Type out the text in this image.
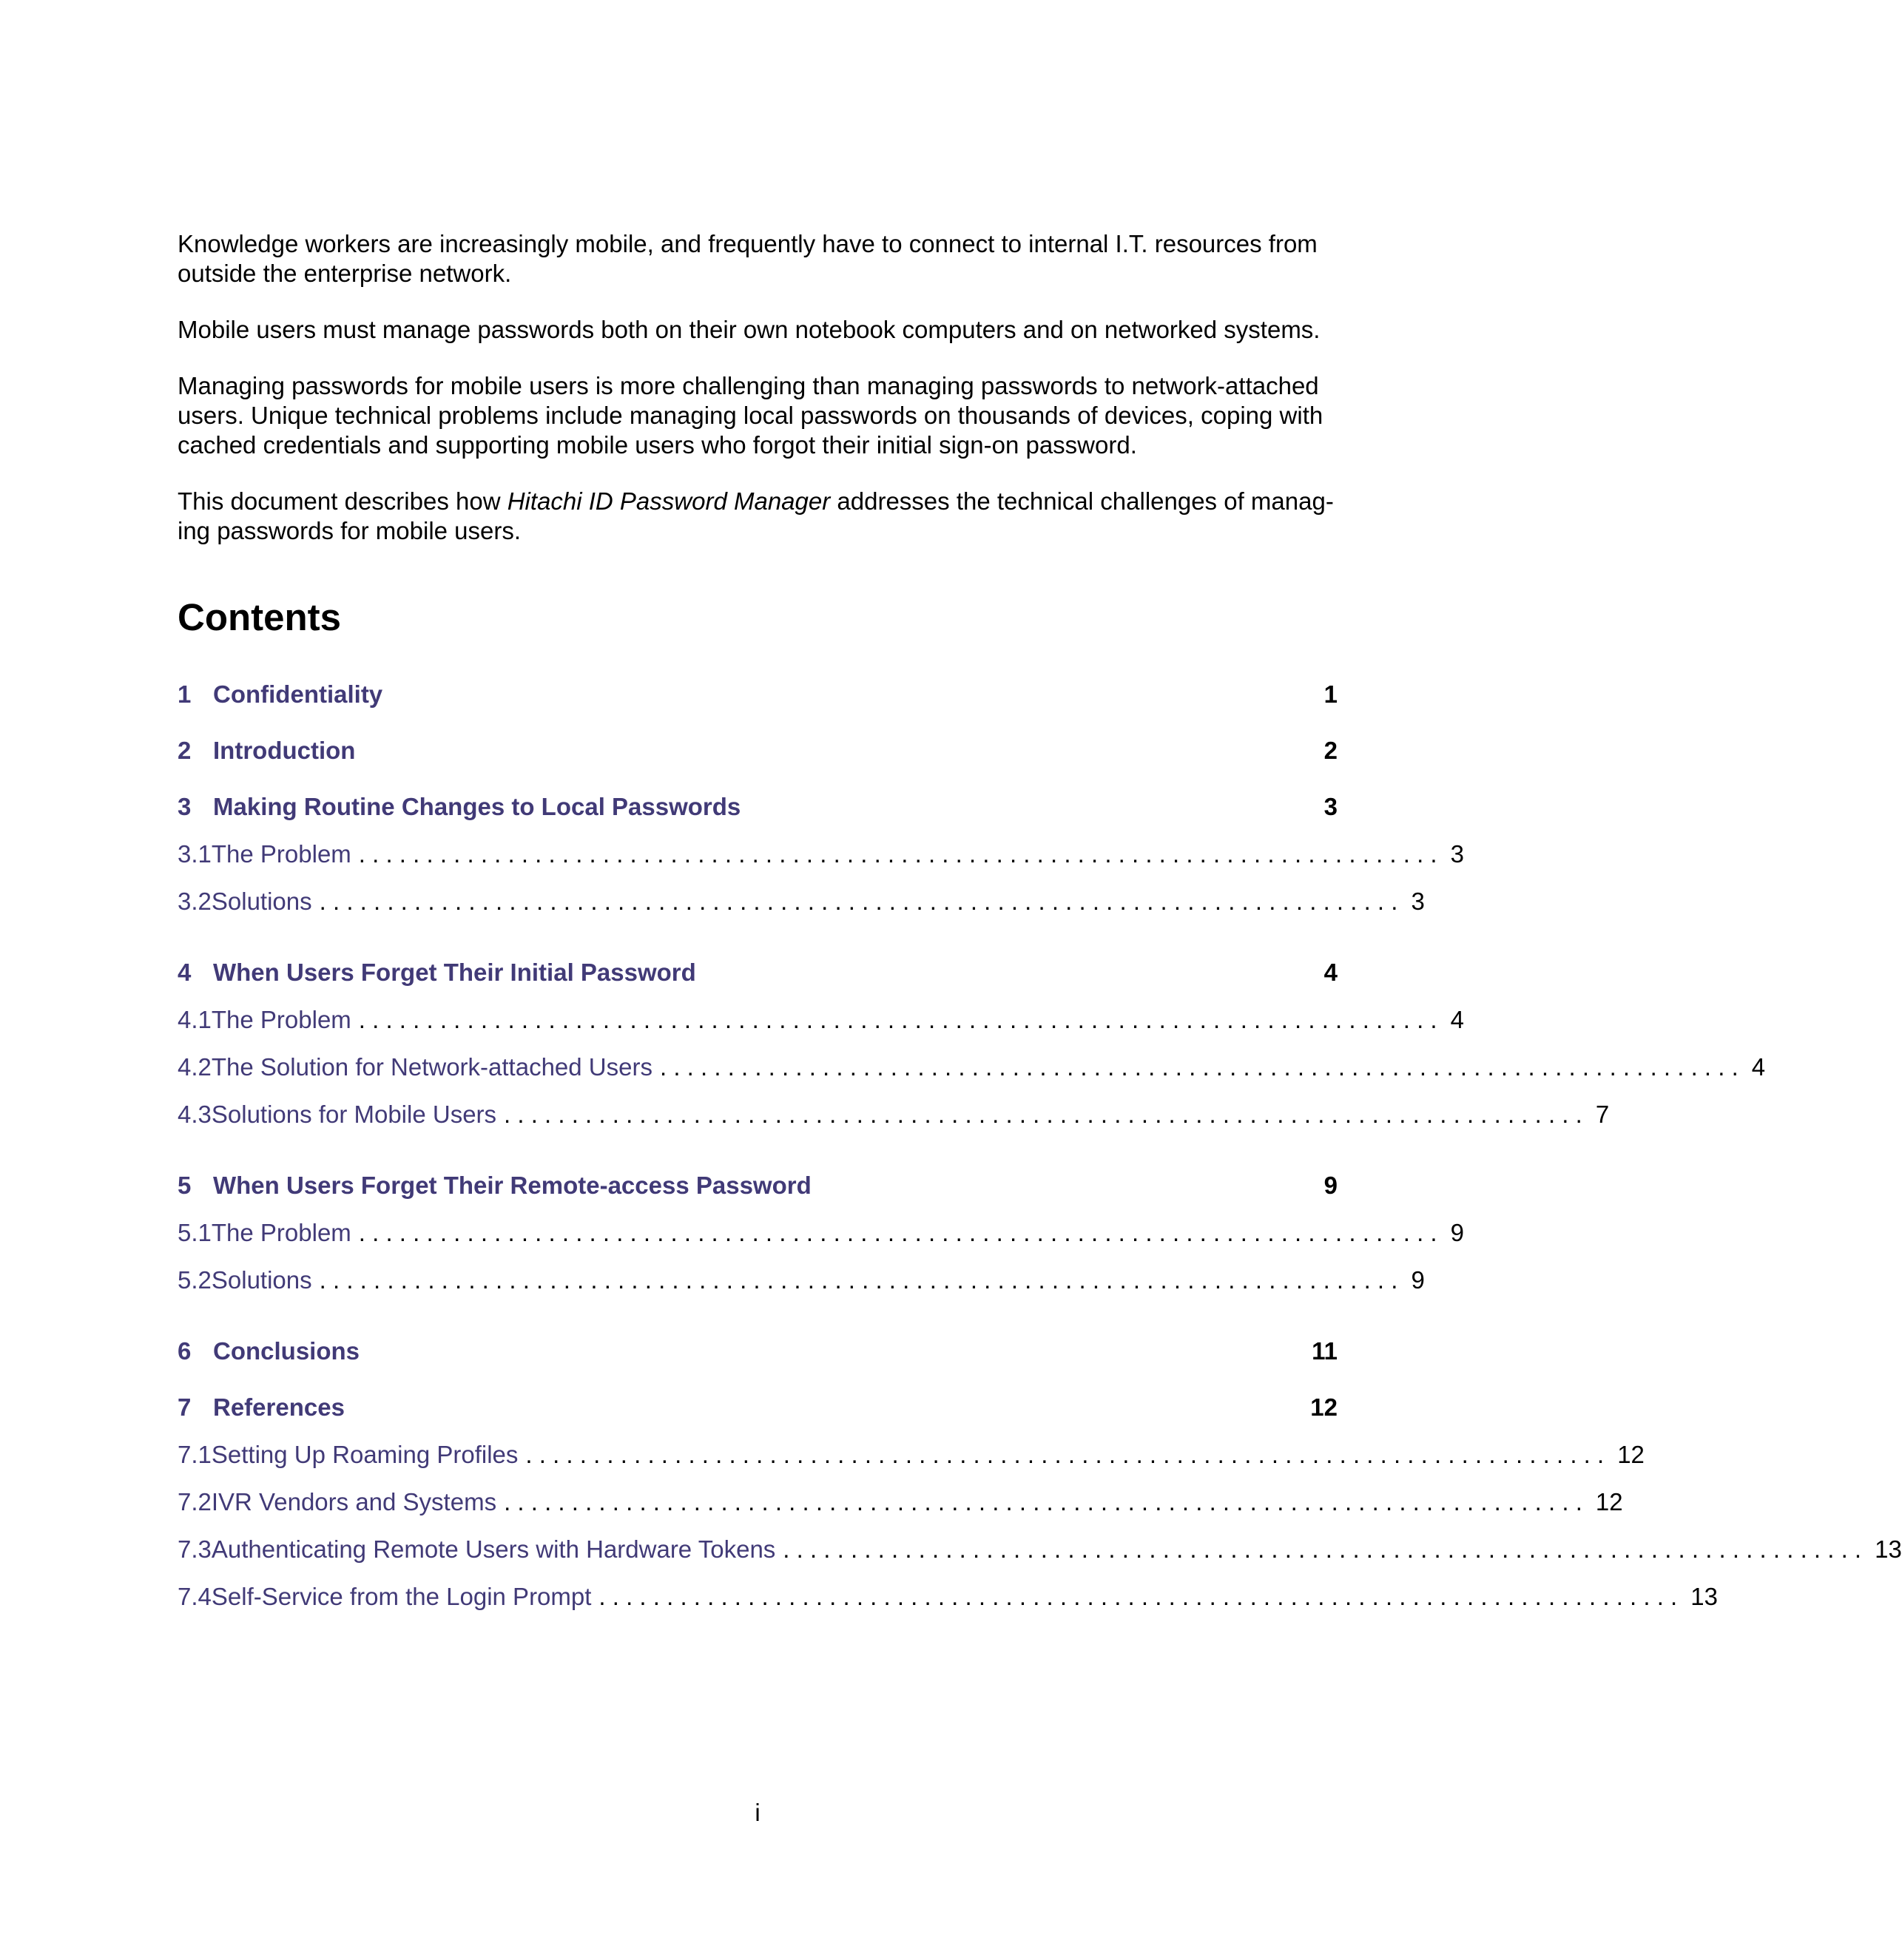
Knowledge workers are increasingly mobile, and frequently have to connect to internal I.T. resources from outside the enterprise network.

Mobile users must manage passwords both on their own notebook computers and on networked systems.

Managing passwords for mobile users is more challenging than managing passwords to network-attached users. Unique technical problems include managing local passwords on thousands of devices, coping with cached credentials and supporting mobile users who forgot their initial sign-on password.

This document describes how Hitachi ID Password Manager addresses the technical challenges of manag-ing passwords for mobile users.

Contents
1 Confidentiality	1
2 Introduction	2
3 Making Routine Changes to Local Passwords	3
3.1 The Problem . . . . . . . . . . . . . . . . . . . . . . . . . . . . . . . . . . . . . . . . . . . . . . . . . . . . . . . . . . . . . . . . . . . . . . . . . . . . . . . . 3
3.2 Solutions . . . . . . . . . . . . . . . . . . . . . . . . . . . . . . . . . . . . . . . . . . . . . . . . . . . . . . . . . . . . . . . . . . . . . . . . . . . . . . . . 3
4 When Users Forget Their Initial Password	4
4.1 The Problem . . . . . . . . . . . . . . . . . . . . . . . . . . . . . . . . . . . . . . . . . . . . . . . . . . . . . . . . . . . . . . . . . . . . . . . . . . . . . . . . 4
4.2 The Solution for Network-attached Users . . . . . . . . . . . . . . . . . . . . . . . . . . . . . . . . . . . . . . . . . . . . . . . . . . . . . . . . . . . . . . . . . . . . . . . . . . . . . . . . 4
4.3 Solutions for Mobile Users . . . . . . . . . . . . . . . . . . . . . . . . . . . . . . . . . . . . . . . . . . . . . . . . . . . . . . . . . . . . . . . . . . . . . . . . . . . . . . . . 7
5 When Users Forget Their Remote-access Password	9
5.1 The Problem . . . . . . . . . . . . . . . . . . . . . . . . . . . . . . . . . . . . . . . . . . . . . . . . . . . . . . . . . . . . . . . . . . . . . . . . . . . . . . . . 9
5.2 Solutions . . . . . . . . . . . . . . . . . . . . . . . . . . . . . . . . . . . . . . . . . . . . . . . . . . . . . . . . . . . . . . . . . . . . . . . . . . . . . . . . 9
6 Conclusions	11
7 References	12
7.1 Setting Up Roaming Profiles . . . . . . . . . . . . . . . . . . . . . . . . . . . . . . . . . . . . . . . . . . . . . . . . . . . . . . . . . . . . . . . . . . . . . . . . . . . . . . . . 12
7.2 IVR Vendors and Systems . . . . . . . . . . . . . . . . . . . . . . . . . . . . . . . . . . . . . . . . . . . . . . . . . . . . . . . . . . . . . . . . . . . . . . . . . . . . . . . . 12
7.3 Authenticating Remote Users with Hardware Tokens . . . . . . . . . . . . . . . . . . . . . . . . . . . . . . . . . . . . . . . . . . . . . . . . . . . . . . . . . . . . . . . . . . . . . . . . . . . . . . . . 13
7.4 Self-Service from the Login Prompt . . . . . . . . . . . . . . . . . . . . . . . . . . . . . . . . . . . . . . . . . . . . . . . . . . . . . . . . . . . . . . . . . . . . . . . . . . . . . . . . 13
i
